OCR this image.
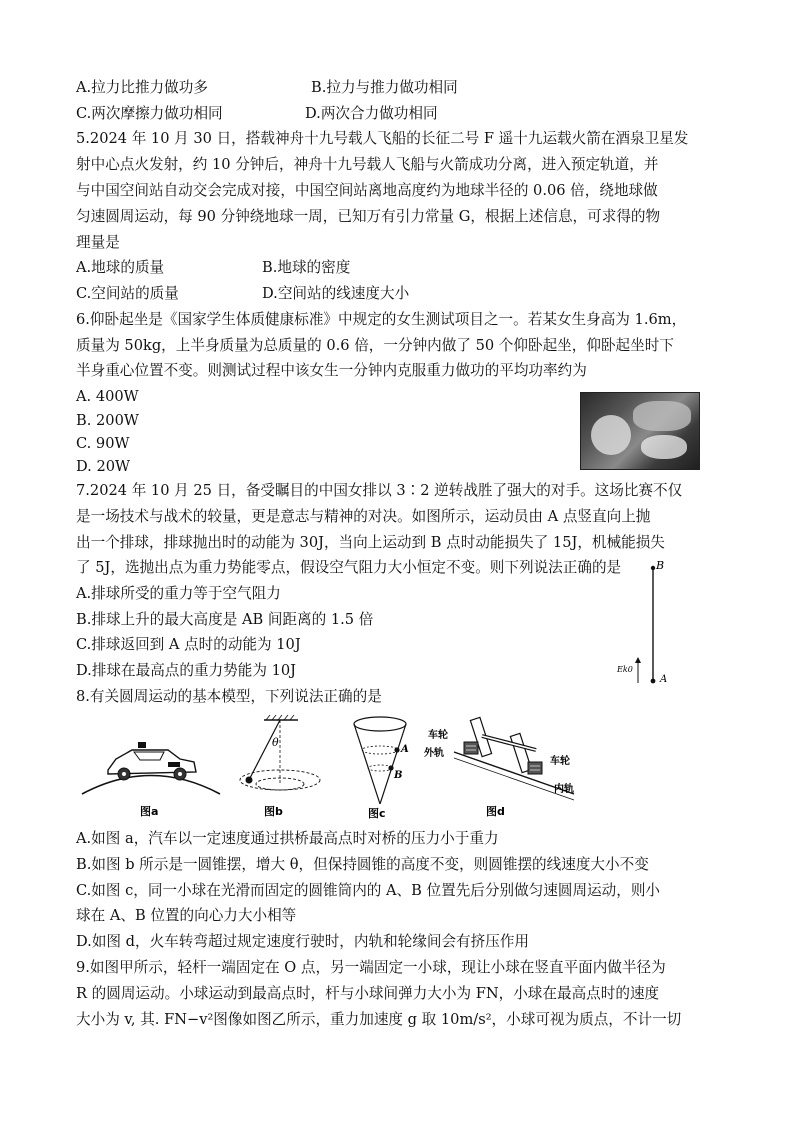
A.拉力比推力做功多	B.拉力与推力做功相同
C.两次摩擦力做功相同	D.两次合力做功相同
5.2024 年 10 月 30 日，搭载神舟十九号载人飞船的长征二号 F 遥十九运载火箭在酒泉卫星发
射中心点火发射，约 10 分钟后，神舟十九号载人飞船与火箭成功分离，进入预定轨道，并
与中国空间站自动交会完成对接，中国空间站离地高度约为地球半径的 0.06 倍，绕地球做
匀速圆周运动，每 90 分钟绕地球一周，已知万有引力常量 G，根据上述信息，可求得的物
理量是
A.地球的质量	B.地球的密度
C.空间站的质量	D.空间站的线速度大小
6.仰卧起坐是《国家学生体质健康标准》中规定的女生测试项目之一。若某女生身高为 1.6m，
质量为 50kg，上半身质量为总质量的 0.6 倍，一分钟内做了 50 个仰卧起坐，仰卧起坐时下
半身重心位置不变。则测试过程中该女生一分钟内克服重力做功的平均功率约为
A. 400W
B. 200W
C. 90W
D. 20W
7.2024 年 10 月 25 日，备受瞩目的中国女排以 3∶2 逆转战胜了强大的对手。这场比赛不仅
是一场技术与战术的较量，更是意志与精神的对决。如图所示，运动员由 A 点竖直向上抛
出一个排球，排球抛出时的动能为 30J，当向上运动到 B 点时动能损失了 15J，机械能损失
了 5J，选抛出点为重力势能零点，假设空气阻力大小恒定不变。则下列说法正确的是
A.排球所受的重力等于空气阻力
B.排球上升的最大高度是 AB 间距离的 1.5 倍
C.排球返回到 A 点时的动能为 10J
D.排球在最高点的重力势能为 10J
B
A
Ek0
8.有关圆周运动的基本模型，下列说法正确的是
图a
θ
图b
A
B
图c
车轮
外轨
车轮
内轨
图d
A.如图 a，汽车以一定速度通过拱桥最高点时对桥的压力小于重力
B.如图 b 所示是一圆锥摆，增大 θ，但保持圆锥的高度不变，则圆锥摆的线速度大小不变
C.如图 c，同一小球在光滑而固定的圆锥筒内的 A、B 位置先后分别做匀速圆周运动，则小
球在 A、B 位置的向心力大小相等
D.如图 d，火车转弯超过规定速度行驶时，内轨和轮缘间会有挤压作用
9.如图甲所示，轻杆一端固定在 O 点，另一端固定一小球，现让小球在竖直平面内做半径为
R 的圆周运动。小球运动到最高点时，杆与小球间弹力大小为 FN，小球在最高点时的速度
大小为 v, 其. FN−v²图像如图乙所示，重力加速度 g 取 10m/s²，小球可视为质点，不计一切
